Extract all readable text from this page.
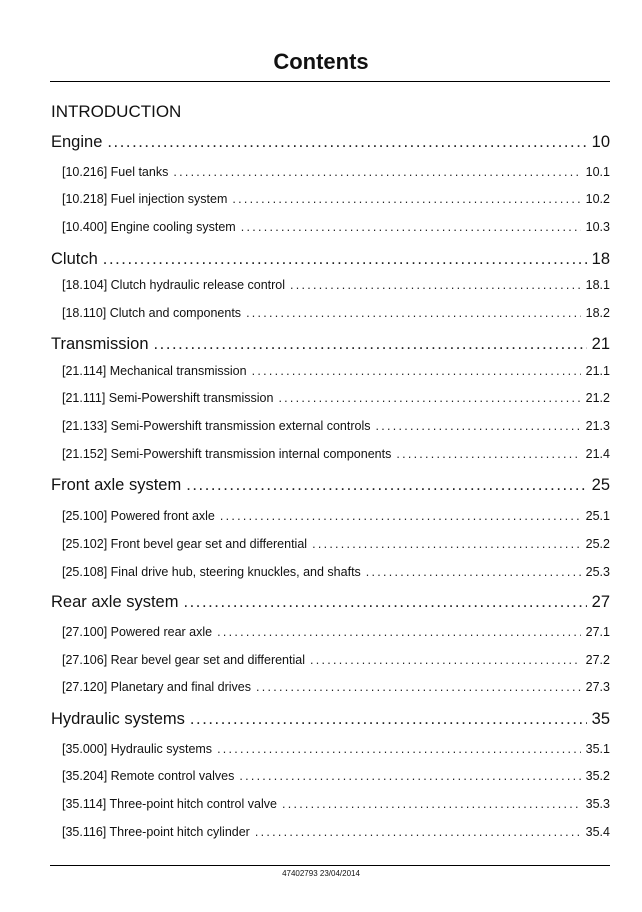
Contents
INTRODUCTION
Engine . . .	10
[10.216] Fuel tanks . . .	10.1
[10.218] Fuel injection system . . .	10.2
[10.400] Engine cooling system . . .	10.3
Clutch . . .	18
[18.104] Clutch hydraulic release control . . .	18.1
[18.110] Clutch and components . . .	18.2
Transmission . . .	21
[21.114] Mechanical transmission . . .	21.1
[21.111] Semi-Powershift transmission . . .	21.2
[21.133] Semi-Powershift transmission external controls . . .	21.3
[21.152] Semi-Powershift transmission internal components . . .	21.4
Front axle system . . .	25
[25.100] Powered front axle . . .	25.1
[25.102] Front bevel gear set and differential . . .	25.2
[25.108] Final drive hub, steering knuckles, and shafts . . .	25.3
Rear axle system . . .	27
[27.100] Powered rear axle . . .	27.1
[27.106] Rear bevel gear set and differential . . .	27.2
[27.120] Planetary and final drives . . .	27.3
Hydraulic systems . . .	35
[35.000] Hydraulic systems . . .	35.1
[35.204] Remote control valves . . .	35.2
[35.114] Three-point hitch control valve . . .	35.3
[35.116] Three-point hitch cylinder . . .	35.4
47402793 23/04/2014
